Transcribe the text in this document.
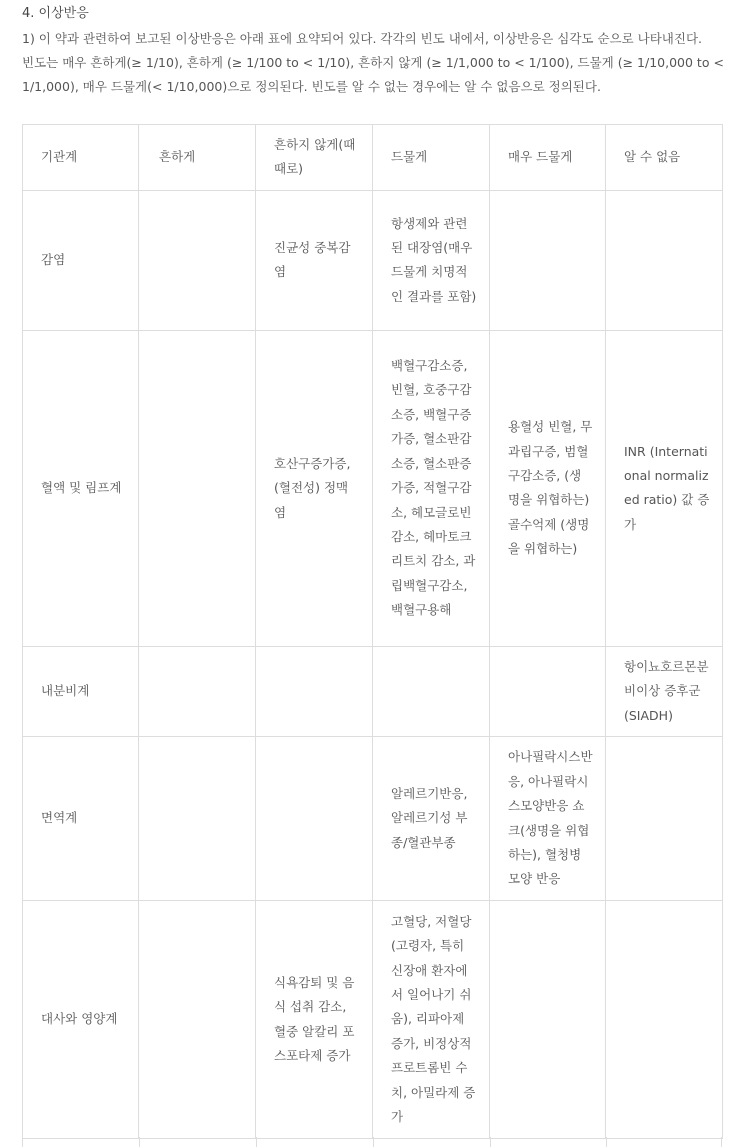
4. 이상반응
1) 이 약과 관련하여 보고된 이상반응은 아래 표에 요약되어 있다. 각각의 빈도 내에서, 이상반응은 심각도 순으로 나타내진다. 빈도는 매우 흔하게(≥ 1/10), 흔하게 (≥ 1/100 to < 1/10), 흔하지 않게 (≥ 1/1,000 to < 1/100), 드물게 (≥ 1/10,000 to < 1/1,000), 매우 드물게(< 1/10,000)으로 정의된다. 빈도를 알 수 없는 경우에는 알 수 없음으로 정의된다.
기관계	흔하게	흔하지 않게(때때로)	드물게	매우 드물게	알 수 없음
감염		진균성 중복감염	항생제와 관련된 대장염(매우 드물게 치명적인 결과를 포함)		
혈액 및 림프계		호산구증가증, (혈전성) 정맥염	백혈구감소증, 빈혈, 호중구감소증, 백혈구증가증, 혈소판감소증, 혈소판증가증, 적혈구감소, 헤모글로빈 감소, 헤마토크리트치 감소, 과립백혈구감소, 백혈구용해	용혈성 빈혈, 무과립구증, 범혈구감소증, (생명을 위협하는) 골수억제 (생명을 위협하는)	INR (International normalized ratio) 값 증가
내분비계					항이뇨호르몬분비이상 증후군(SIADH)
면역계			알레르기반응, 알레르기성 부종/혈관부종	아나필락시스반응, 아나필락시스모양반응 쇼크(생명을 위협하는), 혈청병모양 반응	
대사와 영양계		식욕감퇴 및 음식 섭취 감소, 혈중 알칼리 포스포타제 증가	고혈당, 저혈당 (고령자, 특히 신장애 환자에서 일어나기 쉬움), 리파아제 증가, 비정상적 프로트롬빈 수치, 아밀라제 증가		
